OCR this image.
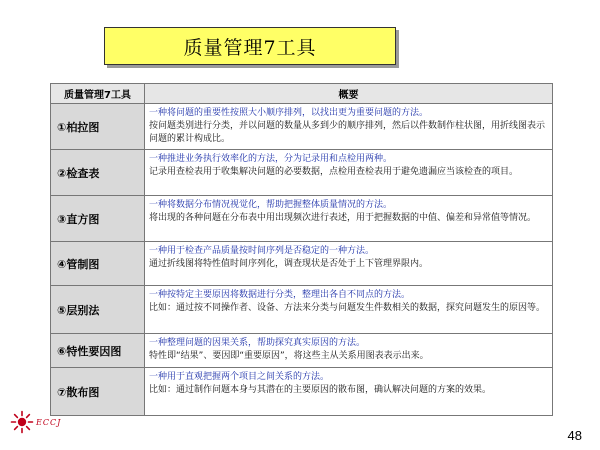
质量管理7工具
质量管理7工具	概要
①柏拉图	一种将问题的重要性按照大小顺序排列，以找出更为重要问题的方法。
按问题类别进行分类，并以问题的数量从多到少的顺序排列，然后以件数制作柱状图，用折线图表示问题的累计构成比。

②检查表	一种推进业务执行效率化的方法，分为记录用和点检用两种。
记录用查检表用于收集解决问题的必要数据，点检用查检表用于避免遗漏应当该检查的项目。

③直方图	一种将数据分布情况视觉化，帮助把握整体质量情况的方法。
将出现的各种问题在分布表中用出现频次进行表述，用于把握数据的中值、偏差和异常值等情况。

④管制图	一种用于检查产品质量按时间序列是否稳定的一种方法。
通过折线图将特性值时间序列化，调查现状是否处于上下管理界限内。

⑤层别法	一种按特定主要原因将数据进行分类，整理出各自不同点的方法。
比如：通过按不同操作者、设备、方法来分类与问题发生件数相关的数据，探究问题发生的原因等。

⑥特性要因图	一种整理问题的因果关系，帮助探究真实原因的方法。
特性即“结果”、要因即“重要原因”，将这些主从关系用图表表示出来。

⑦散布图	一种用于直观把握两个项目之间关系的方法。
比如：通过制作问题本身与其潜在的主要原因的散布图，确认解决问题的方案的效果。
ECCJ
48
